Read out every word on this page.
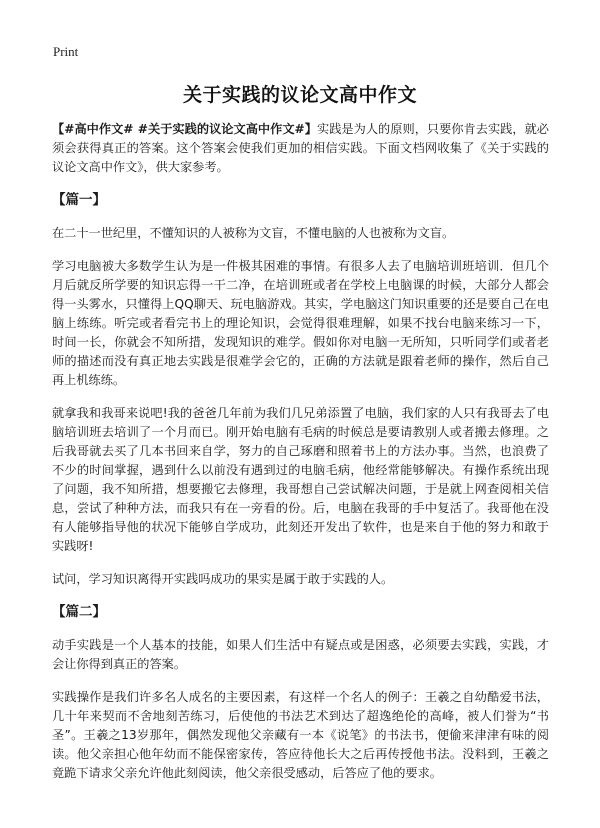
Print
关于实践的议论文高中作文

【#高中作文# #关于实践的议论文高中作文#】实践是为人的原则，只要你肯去实践，就必须会获得真正的答案。这个答案会使我们更加的相信实践。下面文档网收集了《关于实践的议论文高中作文》，供大家参考。

【篇一】

在二十一世纪里，不懂知识的人被称为文盲，不懂电脑的人也被称为文盲。

学习电脑被大多数学生认为是一件极其困难的事情。有很多人去了电脑培训班培训．但几个月后就反所学要的知识忘得一干二净，在培训班或者在学校上电脑课的时候，大部分人都会得一头雾水，只懂得上QQ聊天、玩电脑游戏。其实，学电脑这门知识重要的还是要自己在电脑上练练。听完或者看完书上的理论知识，会觉得很难理解，如果不找台电脑来练习一下，时间一长，你就会不知所措，发现知识的难学。假如你对电脑一无所知，只听同学们或者老师的描述而没有真正地去实践是很难学会它的，正确的方法就是跟着老师的操作，然后自己再上机练练。

就拿我和我哥来说吧!我的爸爸几年前为我们几兄弟添置了电脑，我们家的人只有我哥去了电脑培训班去培训了一个月而已。刚开始电脑有毛病的时候总是要请教别人或者搬去修理。之后我哥就去买了几本书回来自学，努力的自己琢磨和照着书上的方法办事。当然，也浪费了不少的时间掌握，遇到什么以前没有遇到过的电脑毛病，他经常能够解决。有操作系统出现了问题，我不知所措，想要搬它去修理，我哥想自己尝试解决问题，于是就上网查阅相关信息，尝试了种种方法，而我只有在一旁看的份。后，电脑在我哥的手中复活了。我哥他在没有人能够指导他的状况下能够自学成功，此刻还开发出了软件，也是来自于他的努力和敢于实践呀!

试问，学习知识离得开实践吗成功的果实是属于敢于实践的人。

【篇二】

动手实践是一个人基本的技能，如果人们生活中有疑点或是困惑，必须要去实践，实践，才会让你得到真正的答案。

实践操作是我们许多名人成名的主要因素，有这样一个名人的例子：王羲之自幼酷爱书法，几十年来契而不舍地刻苦练习，后使他的书法艺术到达了超逸绝伦的高峰，被人们誉为“书圣”。王羲之13岁那年，偶然发现他父亲藏有一本《说笔》的书法书，便偷来津津有味的阅读。他父亲担心他年幼而不能保密家传，答应待他长大之后再传授他书法。没料到，王羲之竟跪下请求父亲允许他此刻阅读，他父亲很受感动，后答应了他的要求。
